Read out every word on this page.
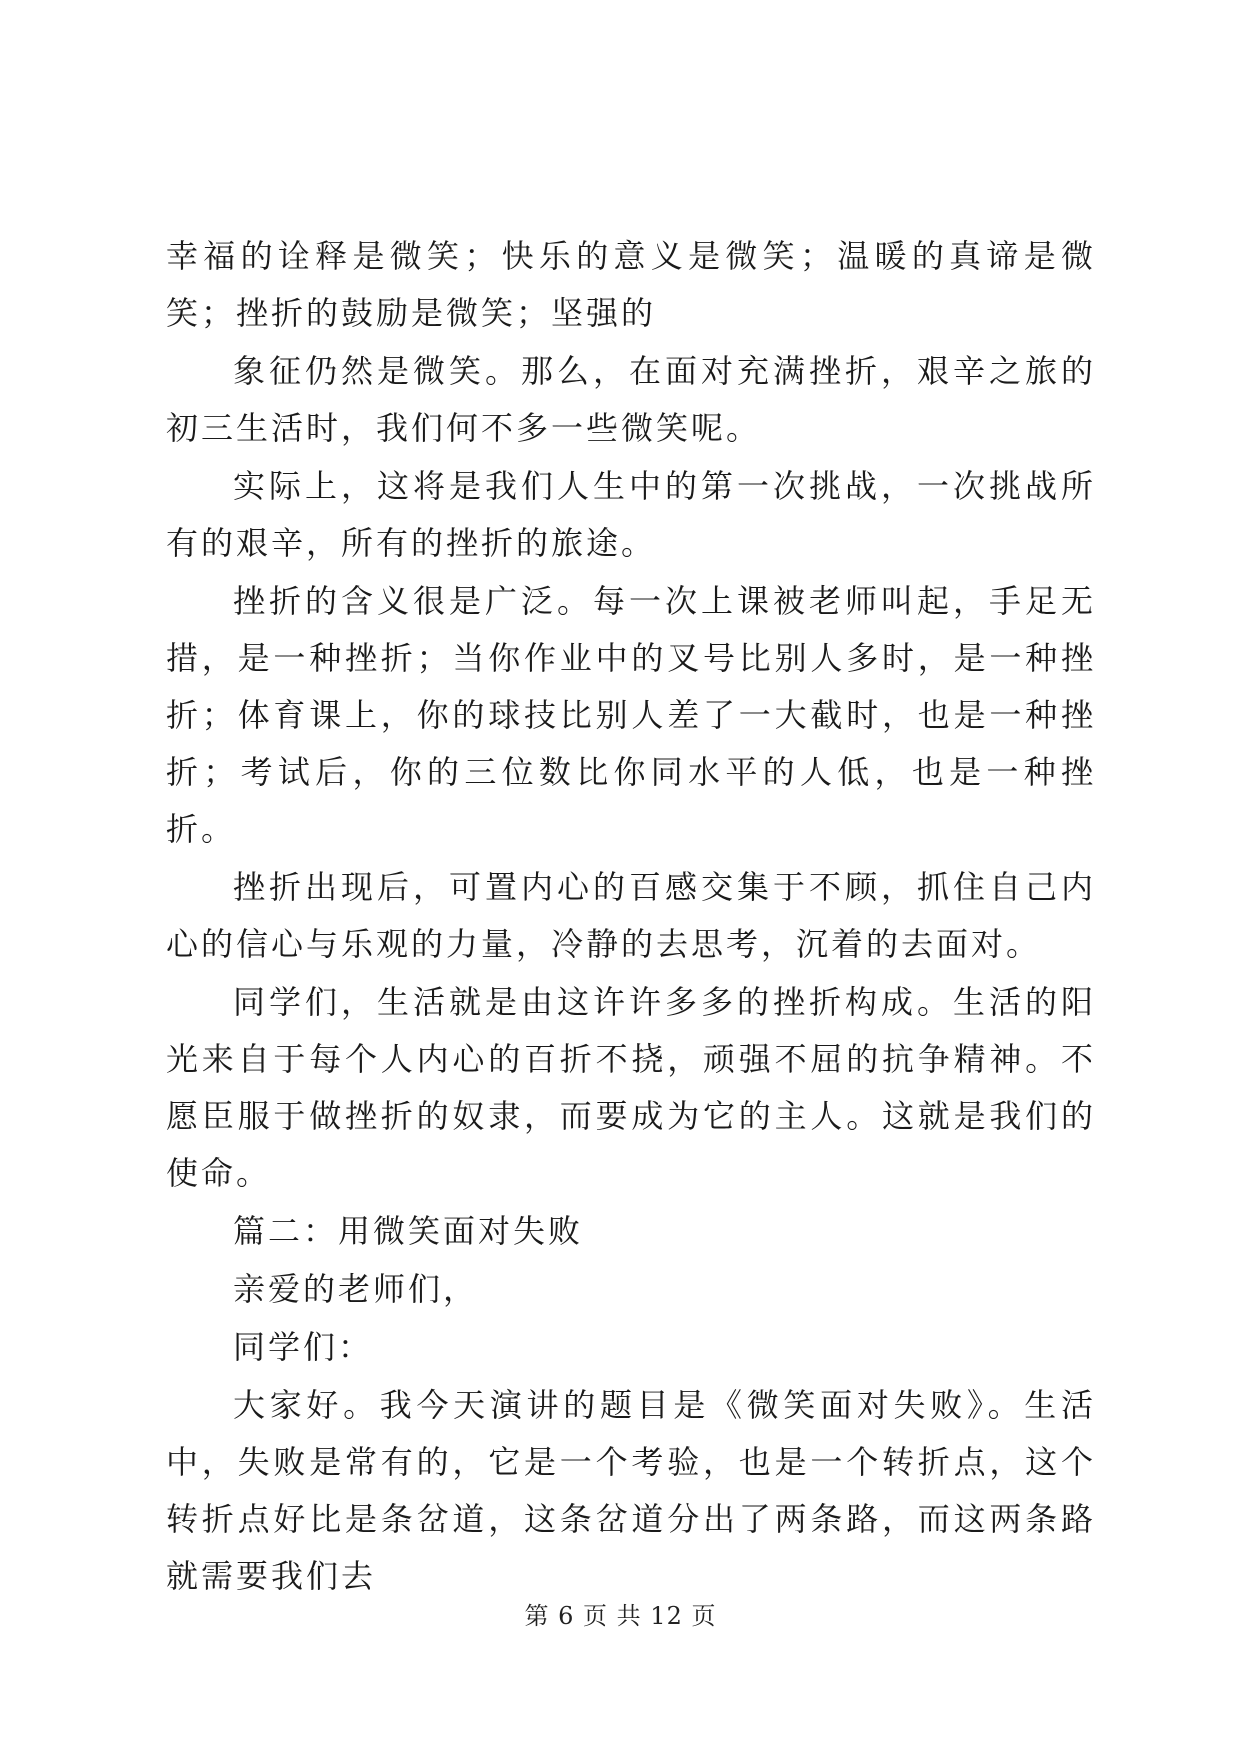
幸福的诠释是微笑；快乐的意义是微笑；温暖的真谛是微笑；挫折的鼓励是微笑；坚强的

象征仍然是微笑。那么，在面对充满挫折，艰辛之旅的初三生活时，我们何不多一些微笑呢。

实际上，这将是我们人生中的第一次挑战，一次挑战所有的艰辛，所有的挫折的旅途。

挫折的含义很是广泛。每一次上课被老师叫起，手足无措，是一种挫折；当你作业中的叉号比别人多时，是一种挫折；体育课上，你的球技比别人差了一大截时，也是一种挫折；考试后，你的三位数比你同水平的人低，也是一种挫折。

挫折出现后，可置内心的百感交集于不顾，抓住自己内心的信心与乐观的力量，冷静的去思考，沉着的去面对。

同学们，生活就是由这许许多多的挫折构成。生活的阳光来自于每个人内心的百折不挠，顽强不屈的抗争精神。不愿臣服于做挫折的奴隶，而要成为它的主人。这就是我们的使命。

篇二：用微笑面对失败

亲爱的老师们，

同学们：

大家好。我今天演讲的题目是《微笑面对失败》。生活中，失败是常有的，它是一个考验，也是一个转折点，这个转折点好比是条岔道，这条岔道分出了两条路，而这两条路就需要我们去

第 6 页 共 12 页
